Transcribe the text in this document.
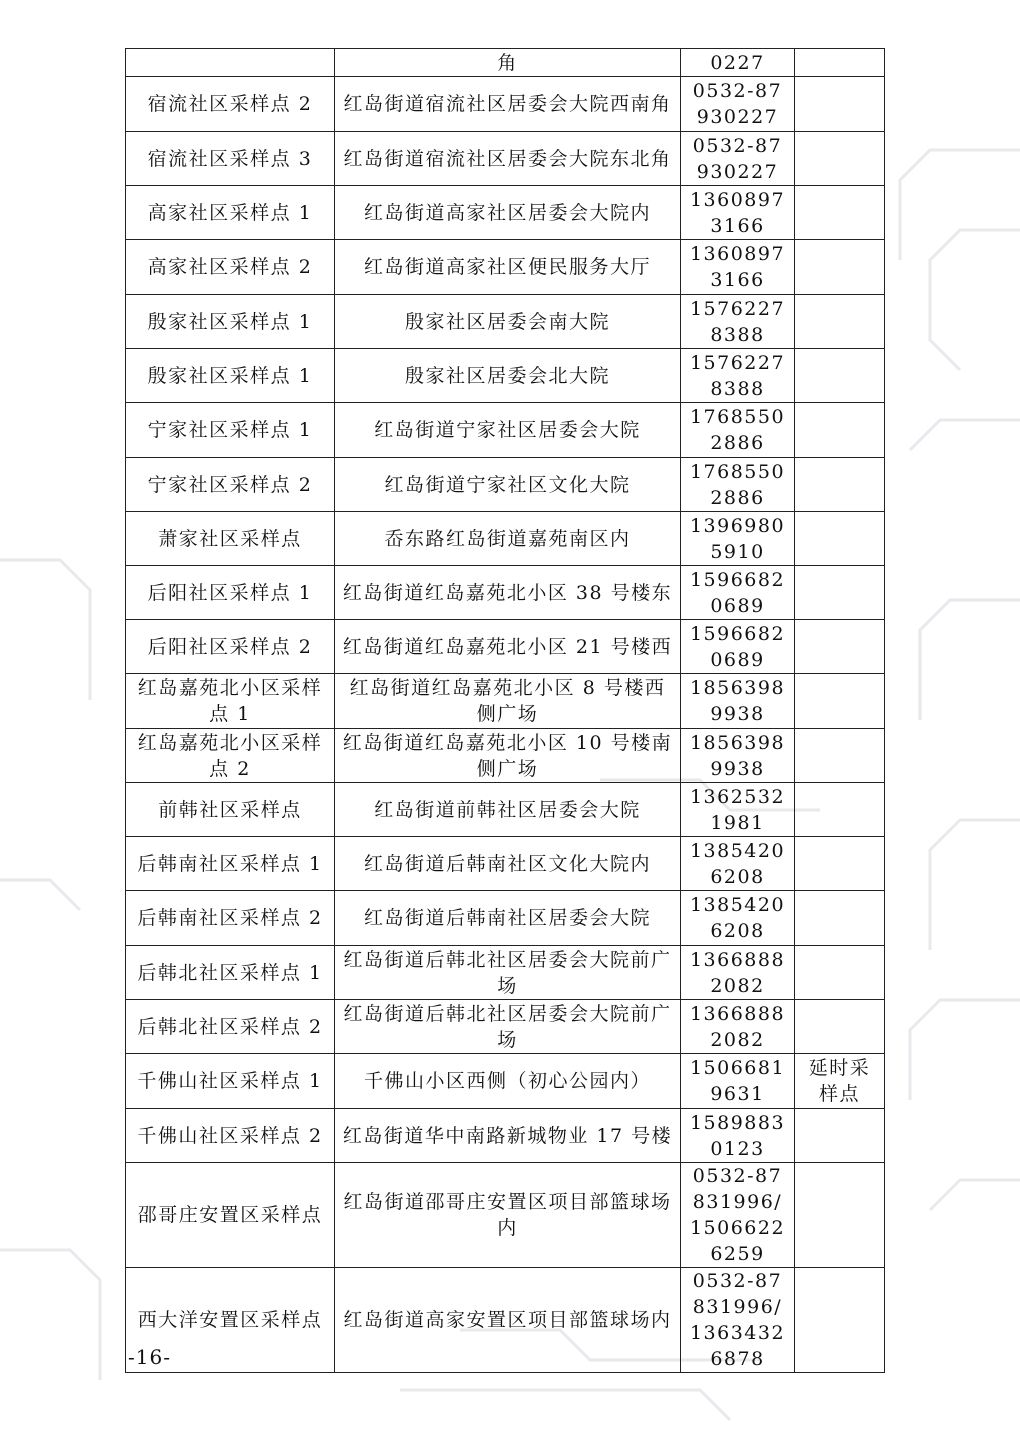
	角	0227	
宿流社区采样点 2	红岛街道宿流社区居委会大院西南角	0532-87930227	
宿流社区采样点 3	红岛街道宿流社区居委会大院东北角	0532-87930227	
高家社区采样点 1	红岛街道高家社区居委会大院内	13608973166	
高家社区采样点 2	红岛街道高家社区便民服务大厅	13608973166	
殷家社区采样点 1	殷家社区居委会南大院	15762278388	
殷家社区采样点 1	殷家社区居委会北大院	15762278388	
宁家社区采样点 1	红岛街道宁家社区居委会大院	17685502886	
宁家社区采样点 2	红岛街道宁家社区文化大院	17685502886	
萧家社区采样点	岙东路红岛街道嘉苑南区内	13969805910	
后阳社区采样点 1	红岛街道红岛嘉苑北小区 38 号楼东	15966820689	
后阳社区采样点 2	红岛街道红岛嘉苑北小区 21 号楼西	15966820689	
红岛嘉苑北小区采样点 1	红岛街道红岛嘉苑北小区 8 号楼西侧广场	18563989938	
红岛嘉苑北小区采样点 2	红岛街道红岛嘉苑北小区 10 号楼南侧广场	18563989938	
前韩社区采样点	红岛街道前韩社区居委会大院	13625321981	
后韩南社区采样点 1	红岛街道后韩南社区文化大院内	13854206208	
后韩南社区采样点 2	红岛街道后韩南社区居委会大院	13854206208	
后韩北社区采样点 1	红岛街道后韩北社区居委会大院前广场	13668882082	
后韩北社区采样点 2	红岛街道后韩北社区居委会大院前广场	13668882082	
千佛山社区采样点 1	千佛山小区西侧（初心公园内）	15066819631	延时采样点
千佛山社区采样点 2	红岛街道华中南路新城物业 17 号楼	15898830123	
邵哥庄安置区采样点	红岛街道邵哥庄安置区项目部篮球场内	0532-87831996/15066226259	
西大洋安置区采样点	红岛街道高家安置区项目部篮球场内	0532-87831996/13634326878	
-16-
